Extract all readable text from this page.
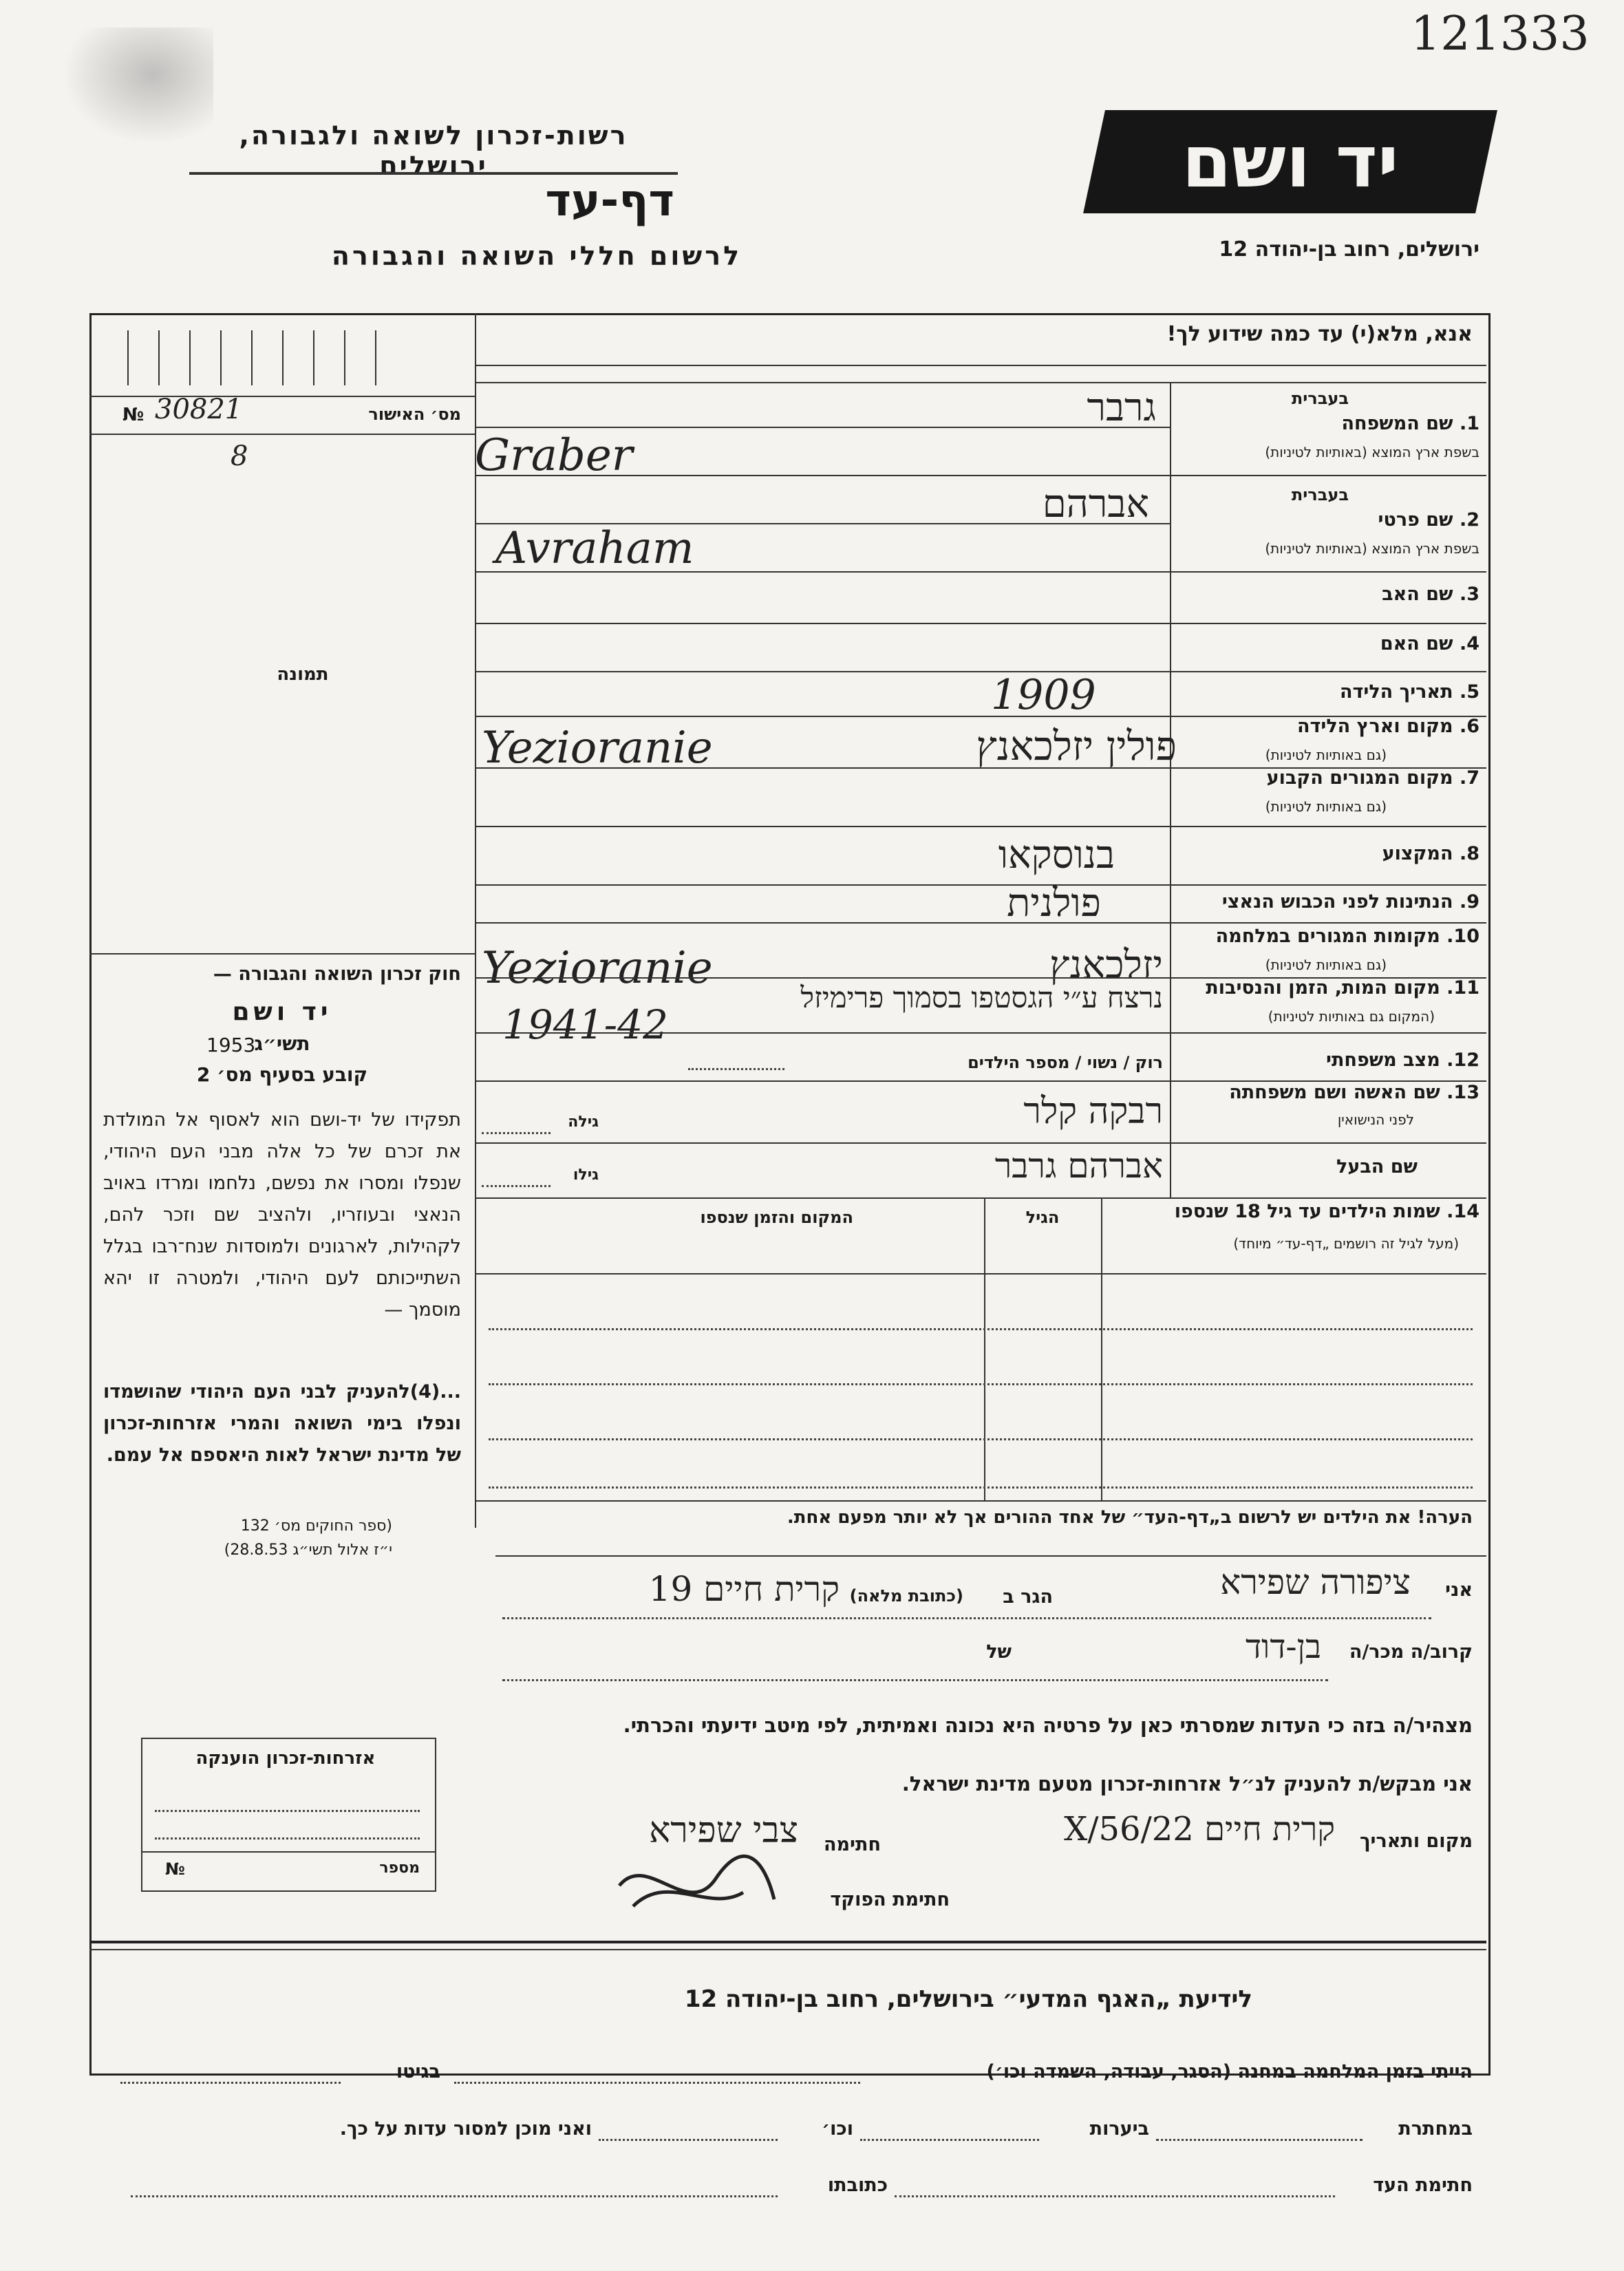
121333
רשות-זכרון לשואה ולגבורה, ירושלים
דף-עד
לרשום חללי השואה והגבורה
יד ושם
ירושלים, רחוב בן-יהודה 12
אנא, מלא(י) עד כמה שידוע לך!
№ 30821
8
מס׳ האישור
תמונה
חוק זכרון השואה והגבורה —
יד ושם
תשי״ג
1953
קובע בסעיף מס׳ 2
תפקידו של יד-ושם הוא לאסוף אל המולדת את זכרם של כל אלה מבני העם היהודי, שנפלו ומסרו את נפשם, נלחמו ומרדו באויב הנאצי ובעוזריו, ולהציב שם וזכר להם, לקהילות, לארגונים ולמוסדות שנח־רבו בגלל השתייכותם לעם היהודי, ולמטרה זו יהא מוסמך —
...(4)להעניק לבני העם היהודי שהושמדו ונפלו בימי השואה והמרי אזרחות-זכרון של מדינת ישראל לאות היאספם אל עמם.
(ספר החוקים מס׳ 132
י״ז אלול תשי״ג 28.8.53)
1. שם המשפחה
בעברית
בשפת ארץ המוצא (באותיות לטיניות)
גרבר
Graber
בעברית
2. שם פרטי
בשפת ארץ המוצא (באותיות לטיניות)
אברהם
Avraham
3. שם האב
4. שם האם
5. תאריך הלידה
1909
6. מקום וארץ הלידה
(גם באותיות לטיניות)
פולין יזלכאנץ
Yezioranie
7. מקום המגורים הקבוע
(גם באותיות לטיניות)
8. המקצוע
בנוסקאו
9. הנתינות לפני הכבוש הנאצי
פולנית
10. מקומות המגורים במלחמה
(גם באותיות לטיניות)
יזלכאנץ
Yezioranie	11. מקום המות, הזמן והנסיבות
(המקום גם באותיות לטיניות)
נרצח ע״י הגסטפו בסמוך פרימיזל
1941-42
12. מצב משפחתי
רוק / נשוי / מספר הילדים
13. שם האשה ושם משפחתה
לפני הנישואין
רבקה קלר
גילה
שם הבעל
אברהם גרבר
גילו
14. שמות הילדים עד גיל 18 שנספו
(מעל לגיל זה רושמים „דף-עד״ מיוחד)
הגיל
המקום והזמן שנספו
הערה! את הילדים יש לרשום ב„דף-העד״ של אחד ההורים אך לא יותר מפעם אחת.
אני
ציפורה שפירא
הגר ב
(כתובת מלאה)
קרית חיים 19
קרוב/ה מכר/ה
בן-דוד
של
מצהיר/ה בזה כי העדות שמסרתי כאן על פרטיה היא נכונה ואמיתית, לפי מיטב ידיעתי והכרתי.
אני מבקש/ת להעניק לנ״ל אזרחות-זכרון מטעם מדינת ישראל.
מקום ותאריך
קרית חיים 22/X/56
חתימה
צבי שפירא
חתימת הפוקד
אזרחות-זכרון הוענקה
№	מספר
לידיעת „האגף המדעי״ בירושלים, רחוב בן-יהודה 12
הייתי בזמן המלחמה במחנה (הסגר, עבודה, השמדה וכו׳)
בגיטו
במחתרת
ביערות
וכו׳
ואני מוכן למסור עדות על כך.
חתימת העד
כתובתו
